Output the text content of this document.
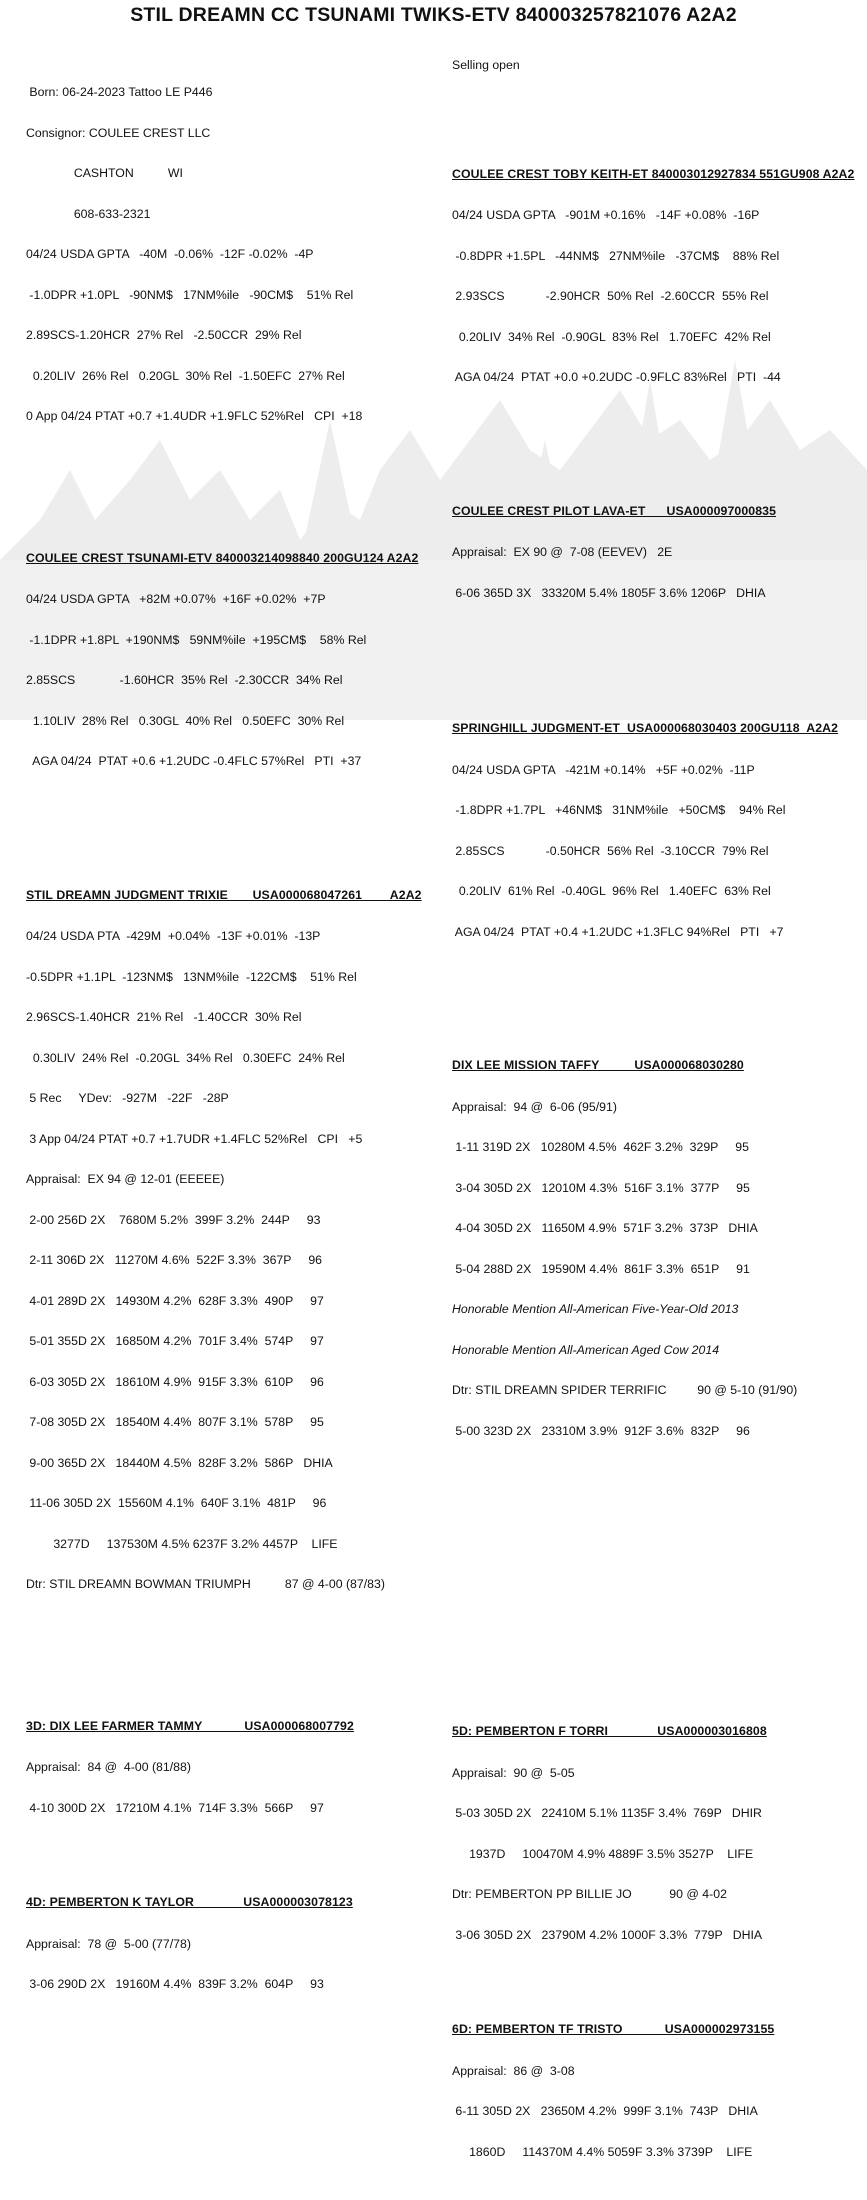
STIL DREAMN CC TSUNAMI TWIKS-ETV 840003257821076 A2A2

Born: 06-24-2023 Tattoo LE P446

Consignor: COULEE CREST LLC

CASHTON          WI

608-633-2321

04/24 USDA GPTA   -40M  -0.06%  -12F -0.02%  -4P

-1.0DPR +1.0PL   -90NM$   17NM%ile   -90CM$    51% Rel

2.89SCS-1.20HCR  27% Rel   -2.50CCR  29% Rel

0.20LIV  26% Rel   0.20GL  30% Rel  -1.50EFC  27% Rel

0 App 04/24 PTAT +0.7 +1.4UDR +1.9FLC 52%Rel   CPI  +18

COULEE CREST TSUNAMI-ETV 840003214098840 200GU124 A2A2

04/24 USDA GPTA   +82M +0.07%  +16F +0.02%  +7P

-1.1DPR +1.8PL  +190NM$   59NM%ile  +195CM$    58% Rel

2.85SCS             -1.60HCR  35% Rel  -2.30CCR  34% Rel

1.10LIV  28% Rel   0.30GL  40% Rel   0.50EFC  30% Rel

AGA 04/24  PTAT +0.6 +1.2UDC -0.4FLC 57%Rel   PTI  +37

STIL DREAMN JUDGMENT TRIXIE       USA000068047261        A2A2

04/24 USDA PTA  -429M  +0.04%  -13F +0.01%  -13P

-0.5DPR +1.1PL  -123NM$   13NM%ile  -122CM$    51% Rel

2.96SCS-1.40HCR  21% Rel   -1.40CCR  30% Rel

0.30LIV  24% Rel  -0.20GL  34% Rel   0.30EFC  24% Rel

5 Rec     YDev:   -927M   -22F   -28P

3 App 04/24 PTAT +0.7 +1.7UDR +1.4FLC 52%Rel   CPI   +5

Appraisal:  EX 94 @ 12-01 (EEEEE)

2-00 256D 2X    7680M 5.2%  399F 3.2%  244P     93

2-11 306D 2X   11270M 4.6%  522F 3.3%  367P     96

4-01 289D 2X   14930M 4.2%  628F 3.3%  490P     97

5-01 355D 2X   16850M 4.2%  701F 3.4%  574P     97

6-03 305D 2X   18610M 4.9%  915F 3.3%  610P     96

7-08 305D 2X   18540M 4.4%  807F 3.1%  578P     95

9-00 365D 2X   18440M 4.5%  828F 3.2%  586P   DHIA

11-06 305D 2X  15560M 4.1%  640F 3.1%  481P     96

3277D     137530M 4.5% 6237F 3.2% 4457P    LIFE

Dtr: STIL DREAMN BOWMAN TRIUMPH          87 @ 4-00 (87/83)

3D: DIX LEE FARMER TAMMY            USA000068007792

Appraisal:  84 @  4-00 (81/88)

4-10 300D 2X   17210M 4.1%  714F 3.3%  566P     97

4D: PEMBERTON K TAYLOR              USA000003078123

Appraisal:  78 @  5-00 (77/78)

3-06 290D 2X   19160M 4.4%  839F 3.2%  604P     93

Selling open

COULEE CREST TOBY KEITH-ET 840003012927834 551GU908 A2A2

04/24 USDA GPTA   -901M +0.16%   -14F +0.08%  -16P

-0.8DPR +1.5PL   -44NM$   27NM%ile   -37CM$    88% Rel

2.93SCS            -2.90HCR  50% Rel  -2.60CCR  55% Rel

0.20LIV  34% Rel  -0.90GL  83% Rel   1.70EFC  42% Rel

AGA 04/24  PTAT +0.0 +0.2UDC -0.9FLC 83%Rel   PTI  -44

COULEE CREST PILOT LAVA-ET      USA000097000835

Appraisal:  EX 90 @  7-08 (EEVEV)   2E

6-06 365D 3X   33320M 5.4% 1805F 3.6% 1206P   DHIA

SPRINGHILL JUDGMENT-ET  USA000068030403 200GU118  A2A2

04/24 USDA GPTA   -421M +0.14%   +5F +0.02%  -11P

-1.8DPR +1.7PL   +46NM$   31NM%ile   +50CM$    94% Rel

2.85SCS            -0.50HCR  56% Rel  -3.10CCR  79% Rel

0.20LIV  61% Rel  -0.40GL  96% Rel   1.40EFC  63% Rel

AGA 04/24  PTAT +0.4 +1.2UDC +1.3FLC 94%Rel   PTI   +7

DIX LEE MISSION TAFFY          USA000068030280

Appraisal:  94 @  6-06 (95/91)

1-11 319D 2X   10280M 4.5%  462F 3.2%  329P     95

3-04 305D 2X   12010M 4.3%  516F 3.1%  377P     95

4-04 305D 2X   11650M 4.9%  571F 3.2%  373P   DHIA

5-04 288D 2X   19590M 4.4%  861F 3.3%  651P     91

Honorable Mention All-American Five-Year-Old 2013

Honorable Mention All-American Aged Cow 2014

Dtr: STIL DREAMN SPIDER TERRIFIC         90 @ 5-10 (91/90)

5-00 323D 2X   23310M 3.9%  912F 3.6%  832P     96

5D: PEMBERTON F TORRI              USA000003016808

Appraisal:  90 @  5-05

5-03 305D 2X   22410M 5.1% 1135F 3.4%  769P   DHIR

1937D     100470M 4.9% 4889F 3.5% 3527P    LIFE

Dtr: PEMBERTON PP BILLIE JO           90 @ 4-02

3-06 305D 2X   23790M 4.2% 1000F 3.3%  779P   DHIA

6D: PEMBERTON TF TRISTO            USA000002973155

Appraisal:  86 @  3-08

6-11 305D 2X   23650M 4.2%  999F 3.1%  743P   DHIA

1860D     114370M 4.4% 5059F 3.3% 3739P    LIFE
